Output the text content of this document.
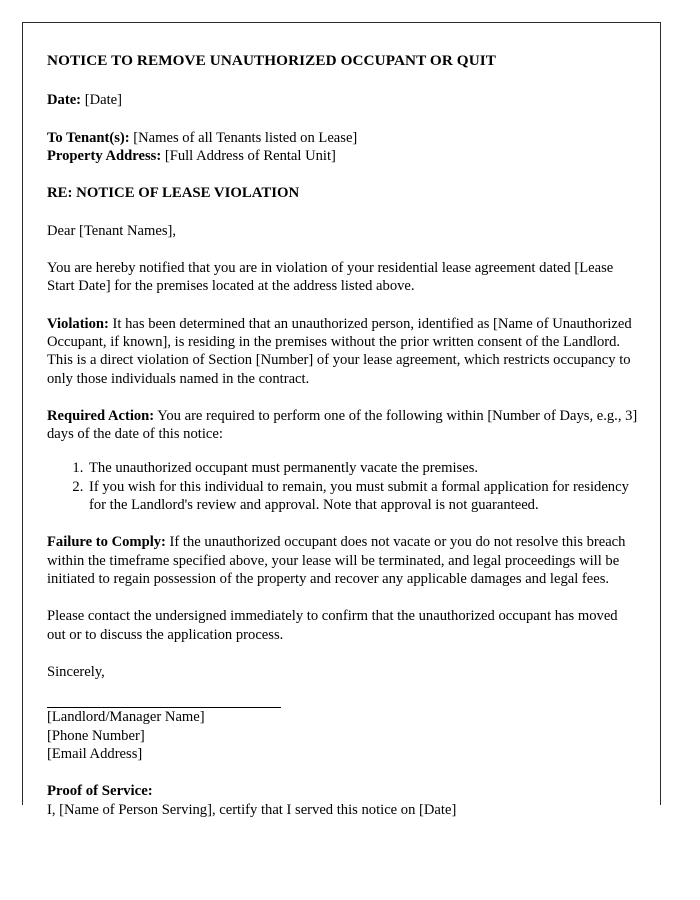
NOTICE TO REMOVE UNAUTHORIZED OCCUPANT OR QUIT

Date: [Date]

To Tenant(s): [Names of all Tenants listed on Lease]

Property Address: [Full Address of Rental Unit]

RE: NOTICE OF LEASE VIOLATION

Dear [Tenant Names],

You are hereby notified that you are in violation of your residential lease agreement dated [Lease Start Date] for the premises located at the address listed above.

Violation: It has been determined that an unauthorized person, identified as [Name of Unauthorized Occupant, if known], is residing in the premises without the prior written consent of the Landlord. This is a direct violation of Section [Number] of your lease agreement, which restricts occupancy to only those individuals named in the contract.

Required Action: You are required to perform one of the following within [Number of Days, e.g., 3] days of the date of this notice:

1. The unauthorized occupant must permanently vacate the premises.
2. If you wish for this individual to remain, you must submit a formal application for residency for the Landlord's review and approval. Note that approval is not guaranteed.

Failure to Comply: If the unauthorized occupant does not vacate or you do not resolve this breach within the timeframe specified above, your lease will be terminated, and legal proceedings will be initiated to regain possession of the property and recover any applicable damages and legal fees.

Please contact the undersigned immediately to confirm that the unauthorized occupant has moved out or to discuss the application process.

Sincerely,

[Landlord/Manager Name]

[Phone Number]

[Email Address]

Proof of Service:

I, [Name of Person Serving], certify that I served this notice on [Date]
